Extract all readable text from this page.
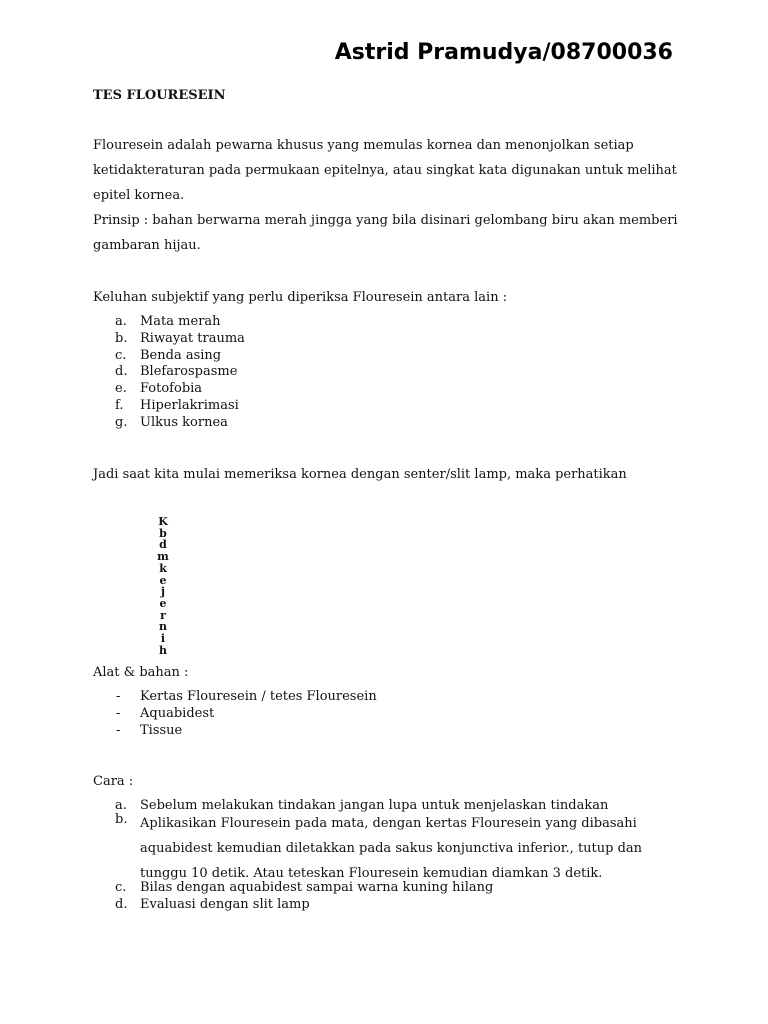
Astrid Pramudya/08700036
TES FLOURESEIN

Flouresein adalah pewarna khusus yang memulas kornea dan menonjolkan setiap ketidakteraturan pada permukaan epitelnya, atau singkat kata digunakan untuk melihat epitel kornea.

Prinsip : bahan berwarna merah jingga yang bila disinari gelombang biru akan memberi gambaran hijau.

Keluhan subjektif yang perlu diperiksa Flouresein antara lain :

a. Mata merah
b. Riwayat trauma
c. Benda asing
d. Blefarospasme
e. Fotofobia
f. Hiperlakrimasi
g. Ulkus kornea

Jadi saat kita mulai memeriksa kornea dengan senter/slit lamp, maka perhatikan

K
b
d
m
k
e
j
e
r
n
i
h

Alat & bahan :

- Kertas Flouresein / tetes Flouresein
- Aquabidest
- Tissue

Cara :

a. Sebelum melakukan tindakan jangan lupa untuk menjelaskan tindakan
b. Aplikasikan Flouresein pada mata, dengan kertas Flouresein yang dibasahi aquabidest kemudian diletakkan pada sakus konjunctiva inferior., tutup dan tunggu 10 detik. Atau teteskan Flouresein kemudian diamkan 3 detik.
c. Bilas dengan aquabidest sampai warna kuning hilang
d. Evaluasi dengan slit lamp
